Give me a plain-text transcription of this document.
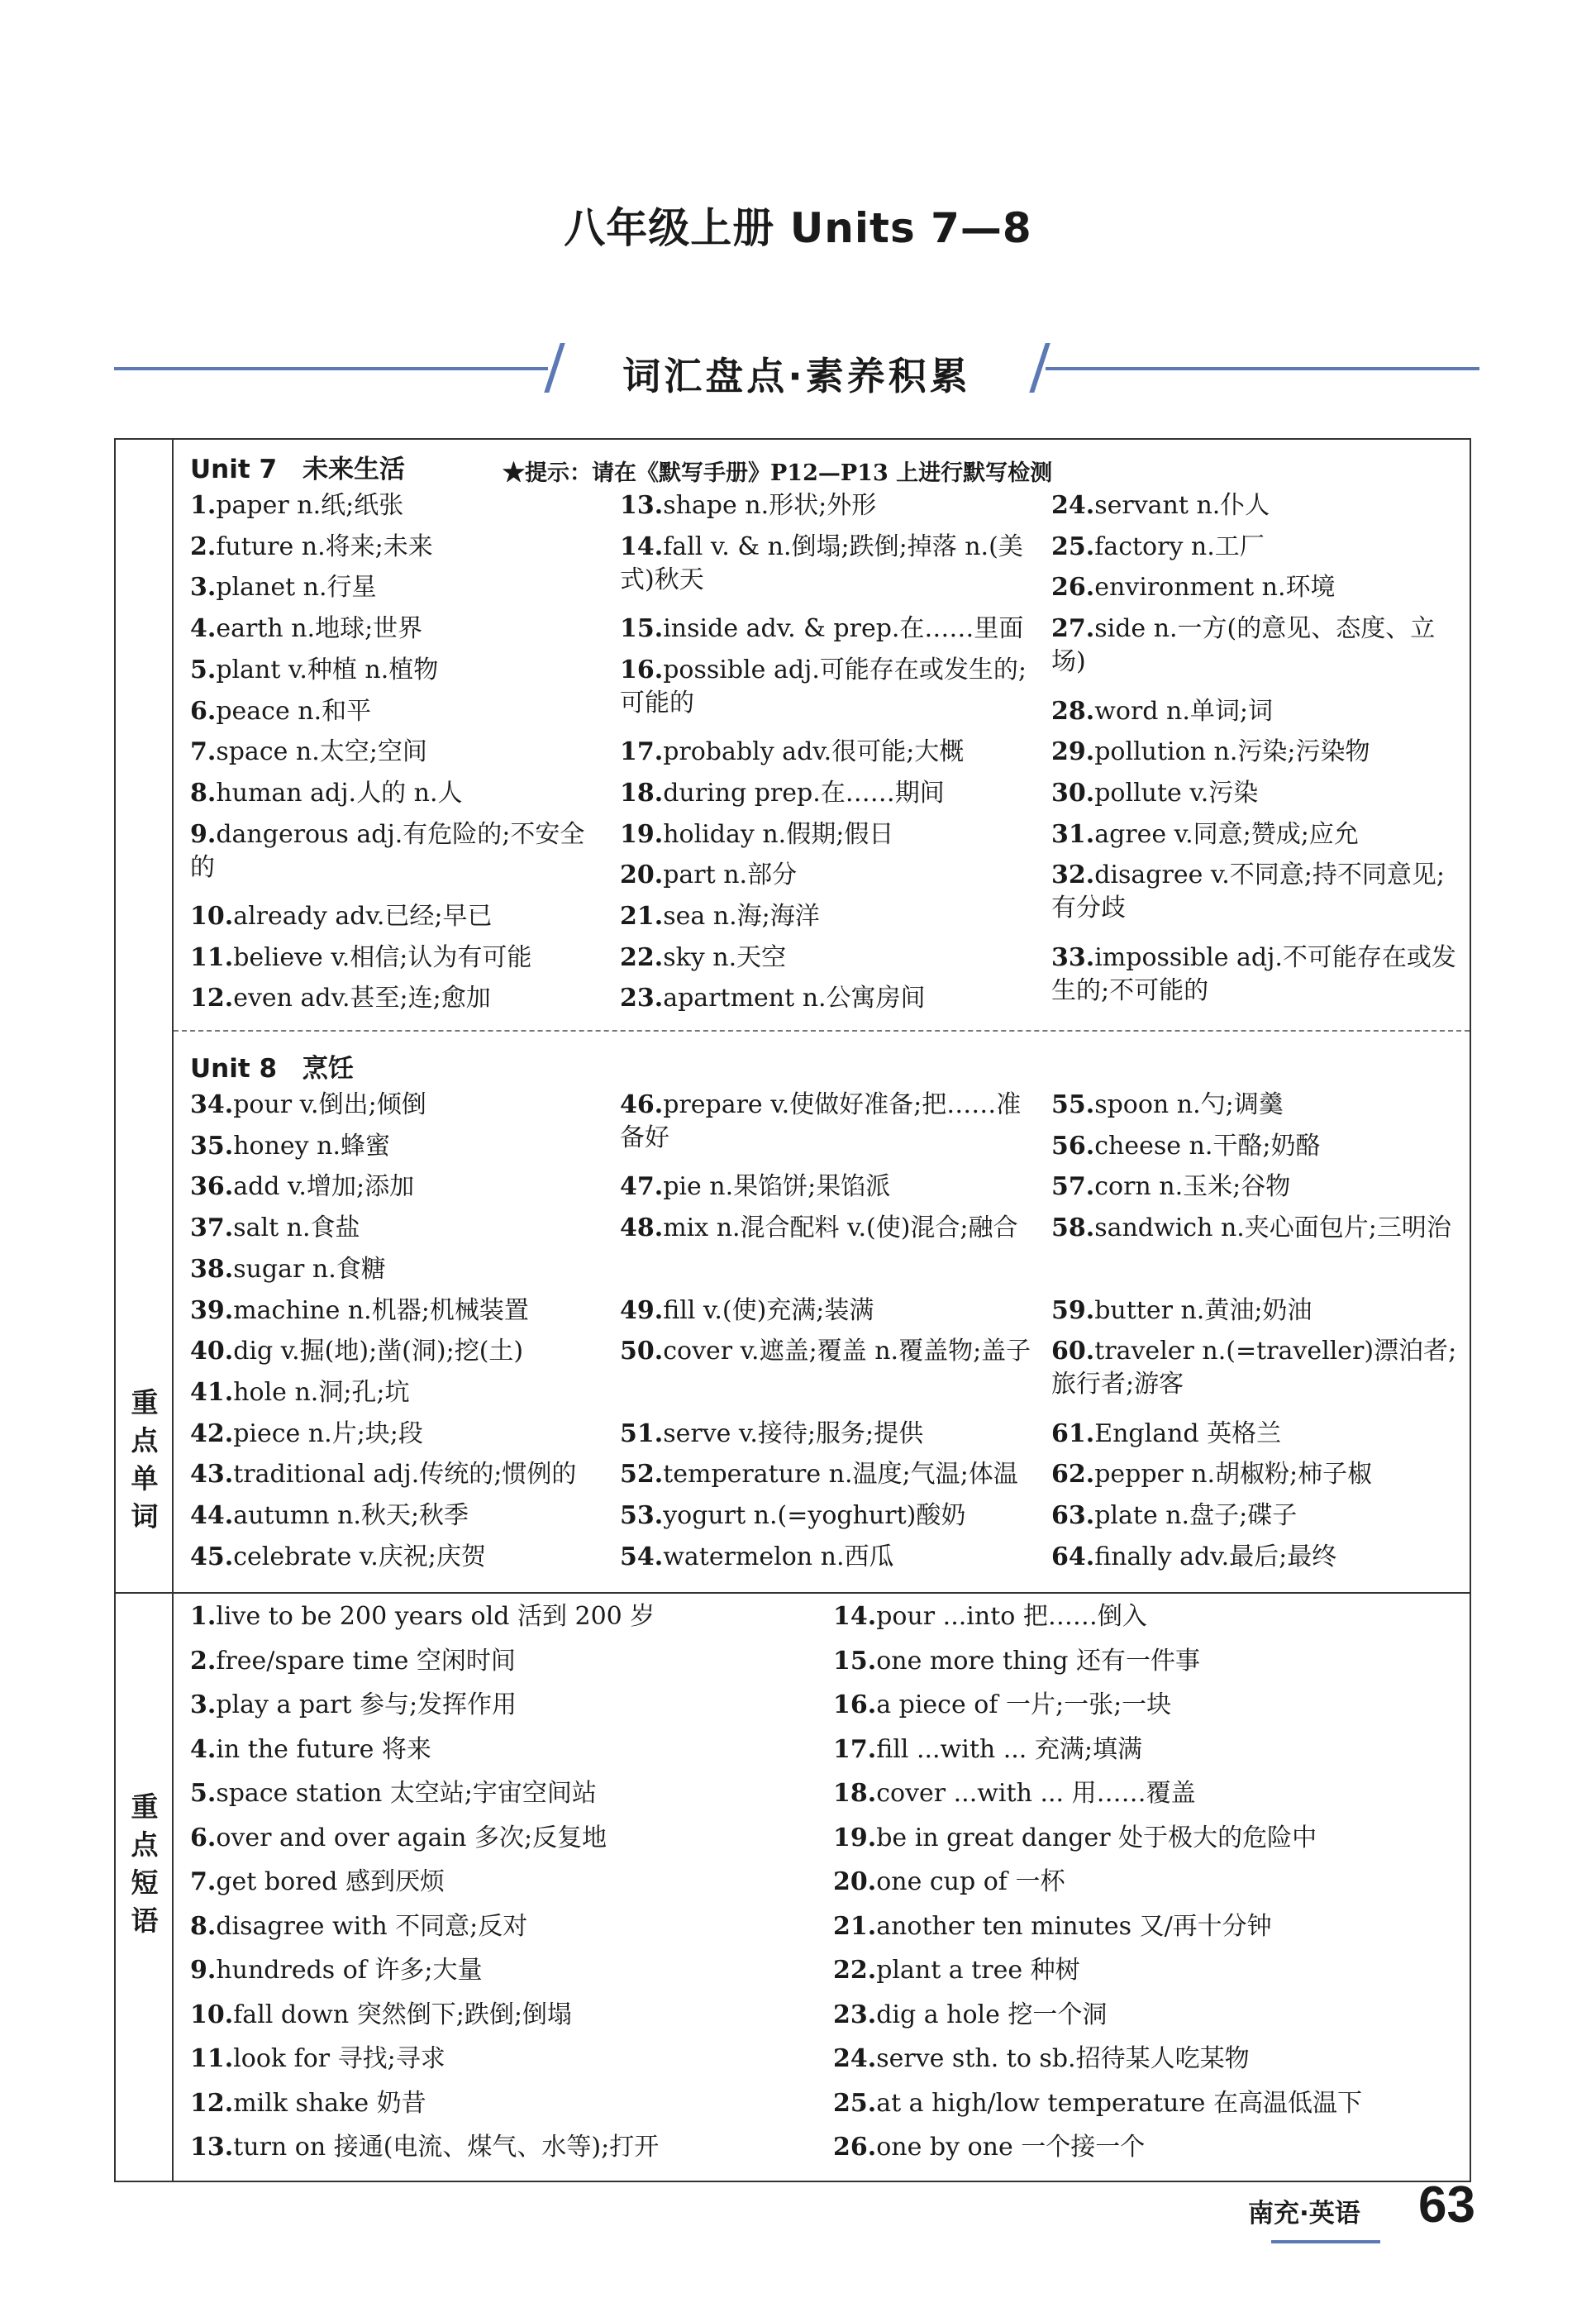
八年级上册 Units 7—8
词汇盘点·素养积累
重
点
单
词
Unit 7　未来生活	★提示：请在《默写手册》P12—P13 上进行默写检测
1.paper n.纸;纸张
2.future n.将来;未来
3.planet n.行星
4.earth n.地球;世界
5.plant v.种植 n.植物
6.peace n.和平
7.space n.太空;空间
8.human adj.人的 n.人
9.dangerous adj.有危险的;不安全的
10.already adv.已经;早已
11.believe v.相信;认为有可能
12.even adv.甚至;连;愈加
13.shape n.形状;外形
14.fall v. & n.倒塌;跌倒;掉落 n.(美式)秋天
15.inside adv. & prep.在……里面
16.possible adj.可能存在或发生的;可能的
17.probably adv.很可能;大概
18.during prep.在……期间
19.holiday n.假期;假日
20.part n.部分
21.sea n.海;海洋
22.sky n.天空
23.apartment n.公寓房间
24.servant n.仆人
25.factory n.工厂
26.environment n.环境
27.side n.一方(的意见、态度、立场)
28.word n.单词;词
29.pollution n.污染;污染物
30.pollute v.污染
31.agree v.同意;赞成;应允
32.disagree v.不同意;持不同意见;有分歧
33.impossible adj.不可能存在或发生的;不可能的
Unit 8　烹饪
34.pour v.倒出;倾倒
35.honey n.蜂蜜
36.add v.增加;添加
37.salt n.食盐
38.sugar n.食糖
39.machine n.机器;机械装置
40.dig v.掘(地);凿(洞);挖(土)
41.hole n.洞;孔;坑
42.piece n.片;块;段
43.traditional adj.传统的;惯例的
44.autumn n.秋天;秋季
45.celebrate v.庆祝;庆贺
46.prepare v.使做好准备;把……准备好
47.pie n.果馅饼;果馅派
48.mix n.混合配料 v.(使)混合;融合
49.fill v.(使)充满;装满
50.cover v.遮盖;覆盖 n.覆盖物;盖子
51.serve v.接待;服务;提供
52.temperature n.温度;气温;体温
53.yogurt n.(=yoghurt)酸奶
54.watermelon n.西瓜
55.spoon n.勺;调羹
56.cheese n.干酪;奶酪
57.corn n.玉米;谷物
58.sandwich n.夹心面包片;三明治
59.butter n.黄油;奶油
60.traveler n.(=traveller)漂泊者;旅行者;游客
61.England 英格兰
62.pepper n.胡椒粉;柿子椒
63.plate n.盘子;碟子
64.finally adv.最后;最终
重
点
短
语
1.live to be 200 years old 活到 200 岁
2.free/spare time 空闲时间
3.play a part 参与;发挥作用
4.in the future 将来
5.space station 太空站;宇宙空间站
6.over and over again 多次;反复地
7.get bored 感到厌烦
8.disagree with 不同意;反对
9.hundreds of 许多;大量
10.fall down 突然倒下;跌倒;倒塌
11.look for 寻找;寻求
12.milk shake 奶昔
13.turn on 接通(电流、煤气、水等);打开
14.pour ...into 把……倒入
15.one more thing 还有一件事
16.a piece of 一片;一张;一块
17.fill ...with ... 充满;填满
18.cover ...with ... 用……覆盖
19.be in great danger 处于极大的危险中
20.one cup of 一杯
21.another ten minutes 又/再十分钟
22.plant a tree 种树
23.dig a hole 挖一个洞
24.serve sth. to sb.招待某人吃某物
25.at a high/low temperature 在高温低温下
26.one by one 一个接一个
南充·英语 63
